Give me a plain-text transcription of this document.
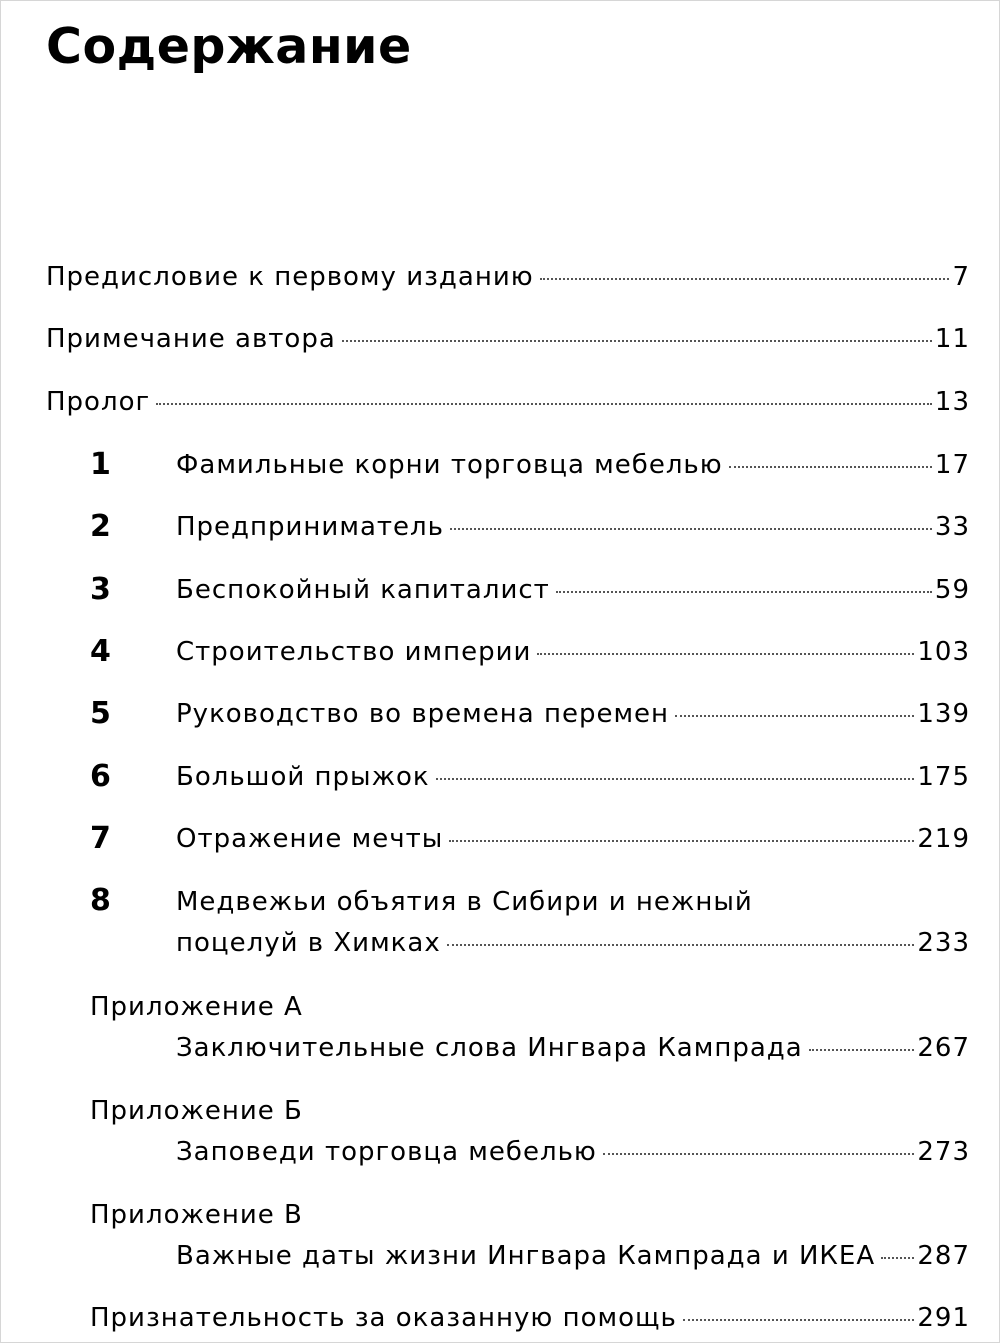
Содержание
Предисловие к первому изданию	7
Примечание автора	11
Пролог	13
1	Фамильные корни торговца мебелью	17
2	Предприниматель	33
3	Беспокойный капиталист	59
4	Строительство империи	103
5	Руководство во времена перемен	139
6	Большой прыжок	175
7	Отражение мечты	219
8	Медвежьи объятия в Сибири и нежный
поцелуй в Химках	233
Приложение А
Заключительные слова Ингвара Кампрада	267
Приложение Б
Заповеди торговца мебелью	273
Приложение В
Важные даты жизни Ингвара Кампрада и ИКЕА 287
Признательность за оказанную помощь	291
